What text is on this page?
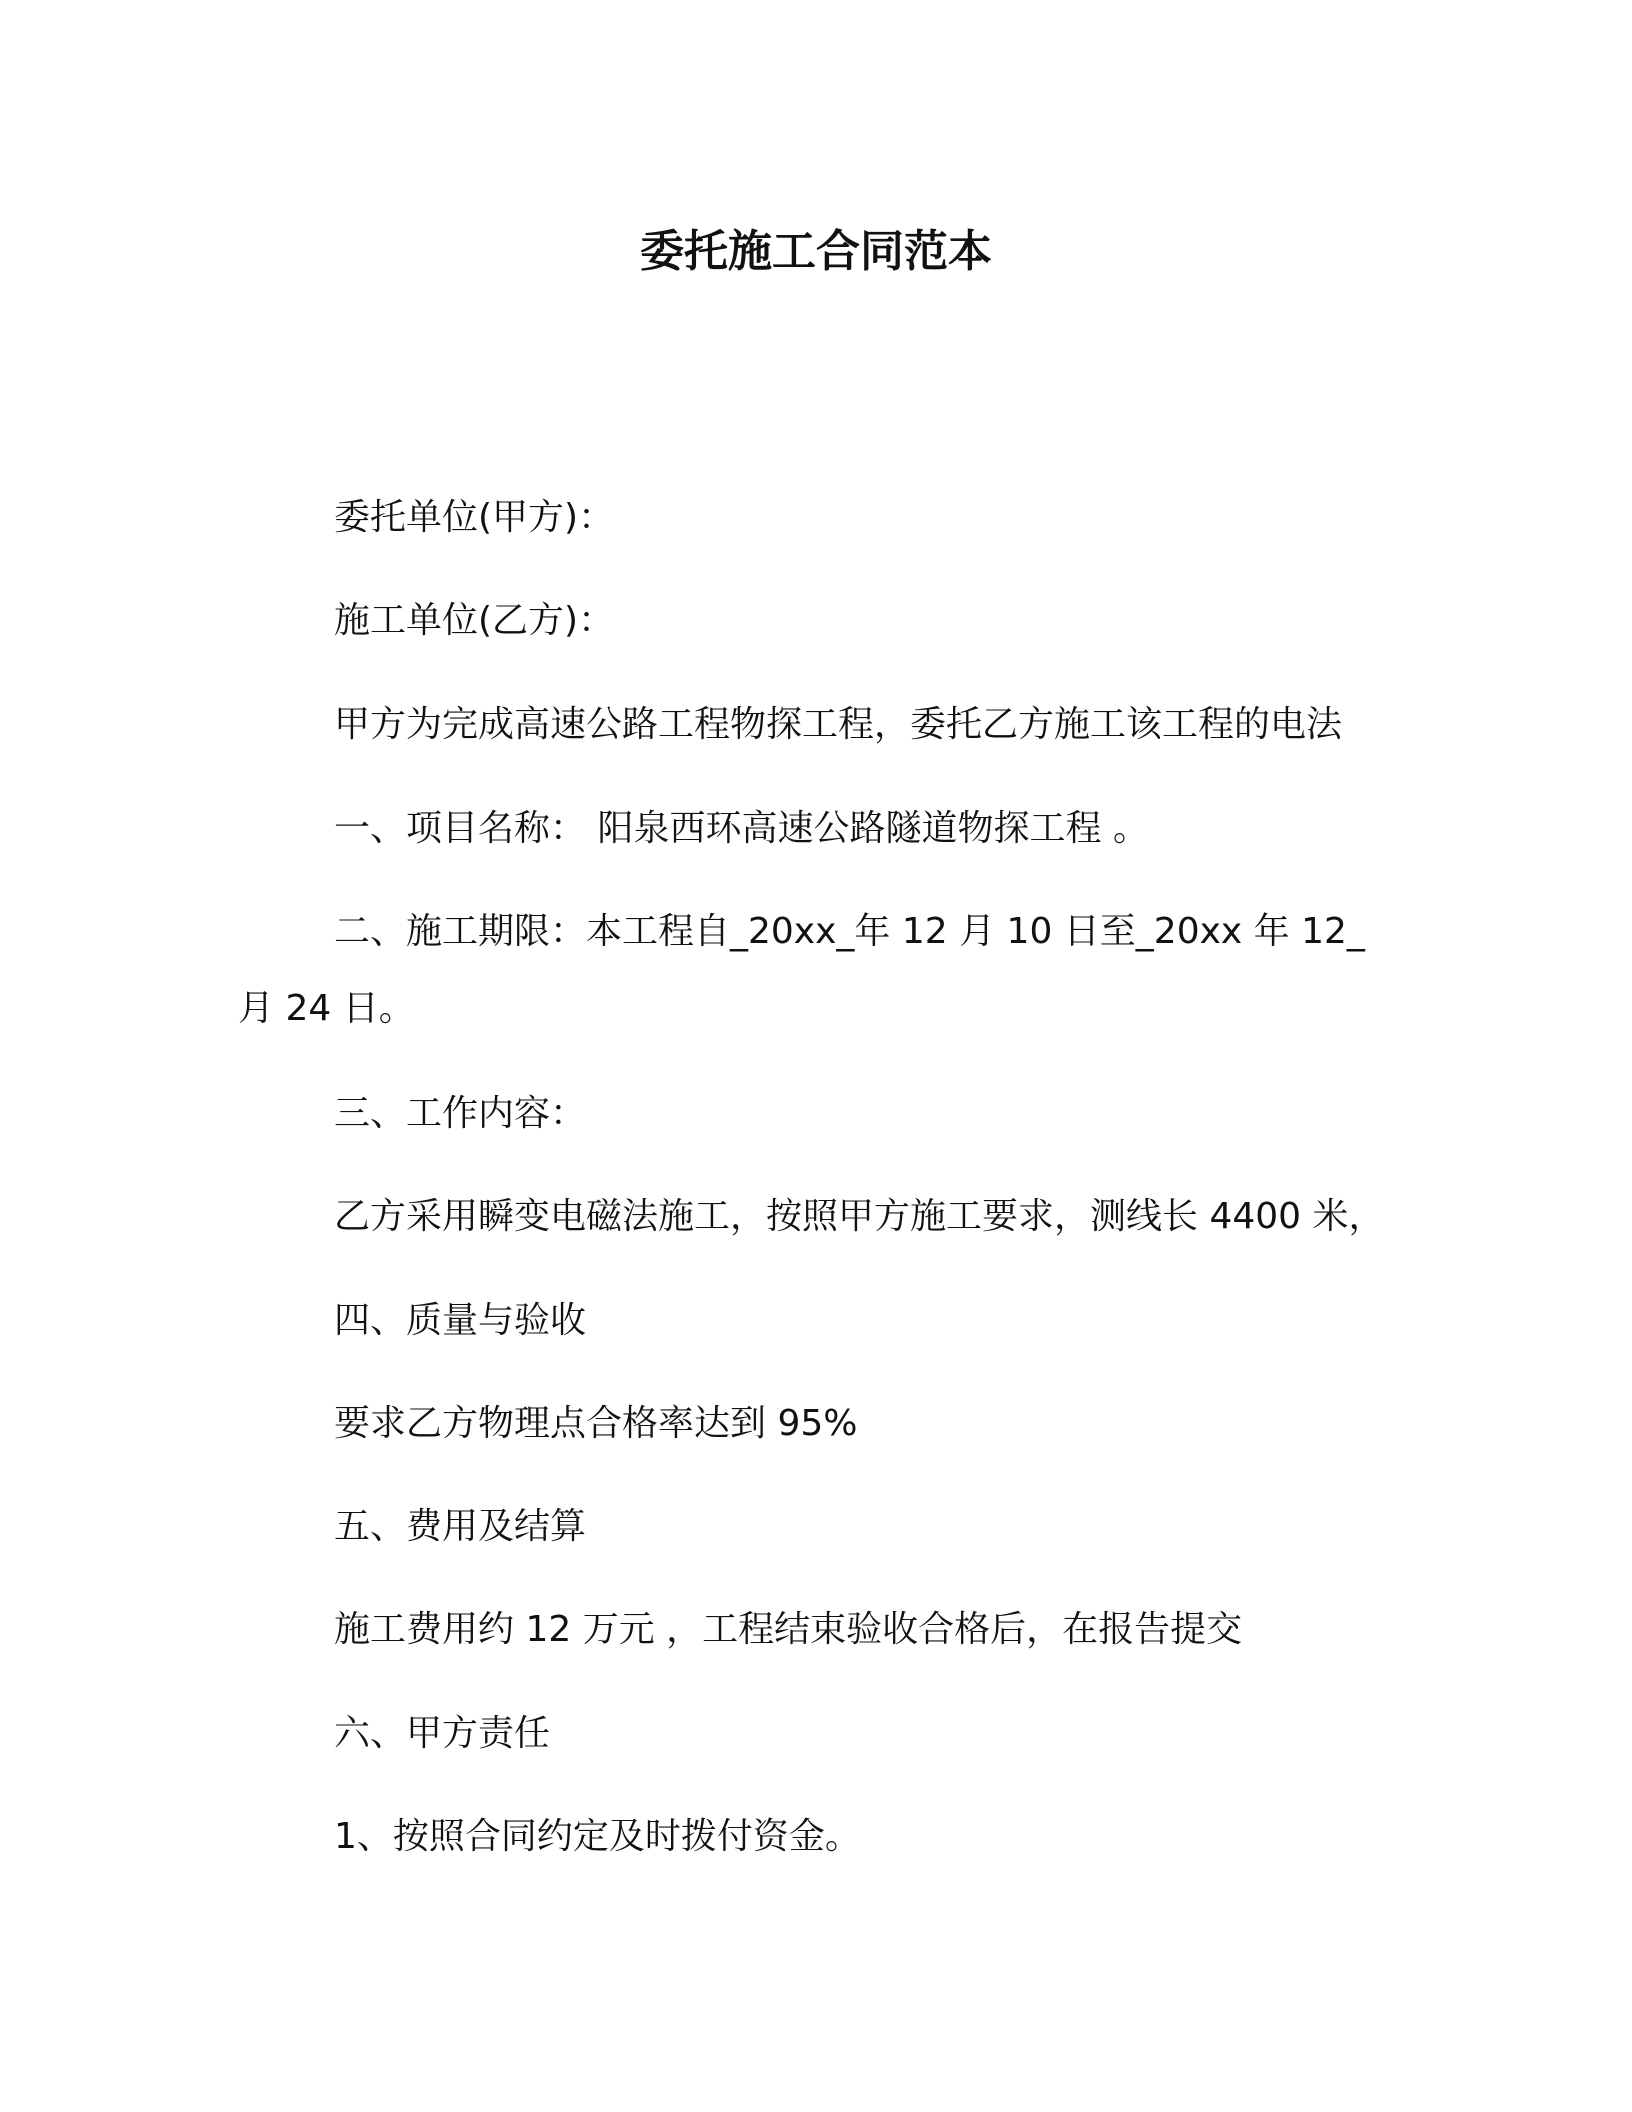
委托施工合同范本
委托单位(甲方)：
施工单位(乙方)：
甲方为完成高速公路工程物探工程，委托乙方施工该工程的电法
一、项目名称： 阳泉西环高速公路隧道物探工程 。
二、施工期限：本工程自_20xx_年 12 月 10 日至_20xx 年 12_
月 24 日。
三、工作内容：
乙方采用瞬变电磁法施工，按照甲方施工要求，测线长 4400 米，
四、质量与验收
要求乙方物理点合格率达到 95%
五、费用及结算
施工费用约 12 万元 ，工程结束验收合格后，在报告提交
六、甲方责任
1、按照合同约定及时拨付资金。
